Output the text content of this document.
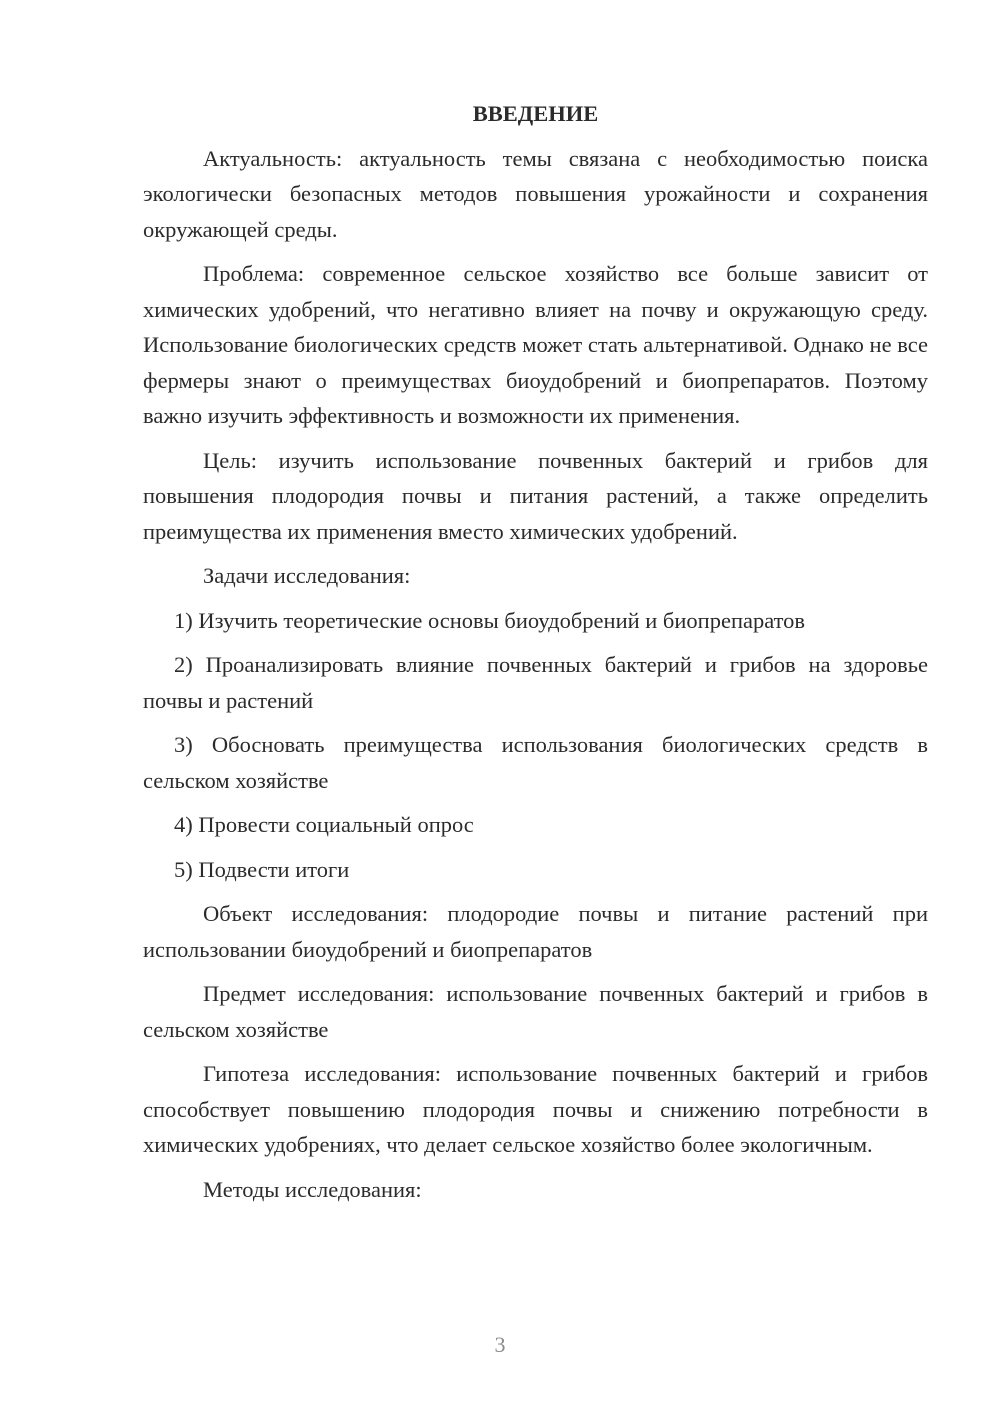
ВВЕДЕНИЕ

Актуальность: актуальность темы связана с необходимостью поиска экологически безопасных методов повышения урожайности и сохранения окружающей среды.

Проблема: современное сельское хозяйство все больше зависит от химических удобрений, что негативно влияет на почву и окружающую среду. Использование биологических средств может стать альтернативой. Однако не все фермеры знают о преимуществах биоудобрений и биопрепаратов. Поэтому важно изучить эффективность и возможности их применения.

Цель: изучить использование почвенных бактерий и грибов для повышения плодородия почвы и питания растений, а также определить преимущества их применения вместо химических удобрений.

Задачи исследования:

1) Изучить теоретические основы биоудобрений и биопрепаратов

2) Проанализировать влияние почвенных бактерий и грибов на здоровье почвы и растений

3) Обосновать преимущества использования биологических средств в сельском хозяйстве

4) Провести социальный опрос

5) Подвести итоги

Объект исследования: плодородие почвы и питание растений при использовании биоудобрений и биопрепаратов

Предмет исследования: использование почвенных бактерий и грибов в сельском хозяйстве

Гипотеза исследования: использование почвенных бактерий и грибов способствует повышению плодородия почвы и снижению потребности в химических удобрениях, что делает сельское хозяйство более экологичным.

Методы исследования:

3
